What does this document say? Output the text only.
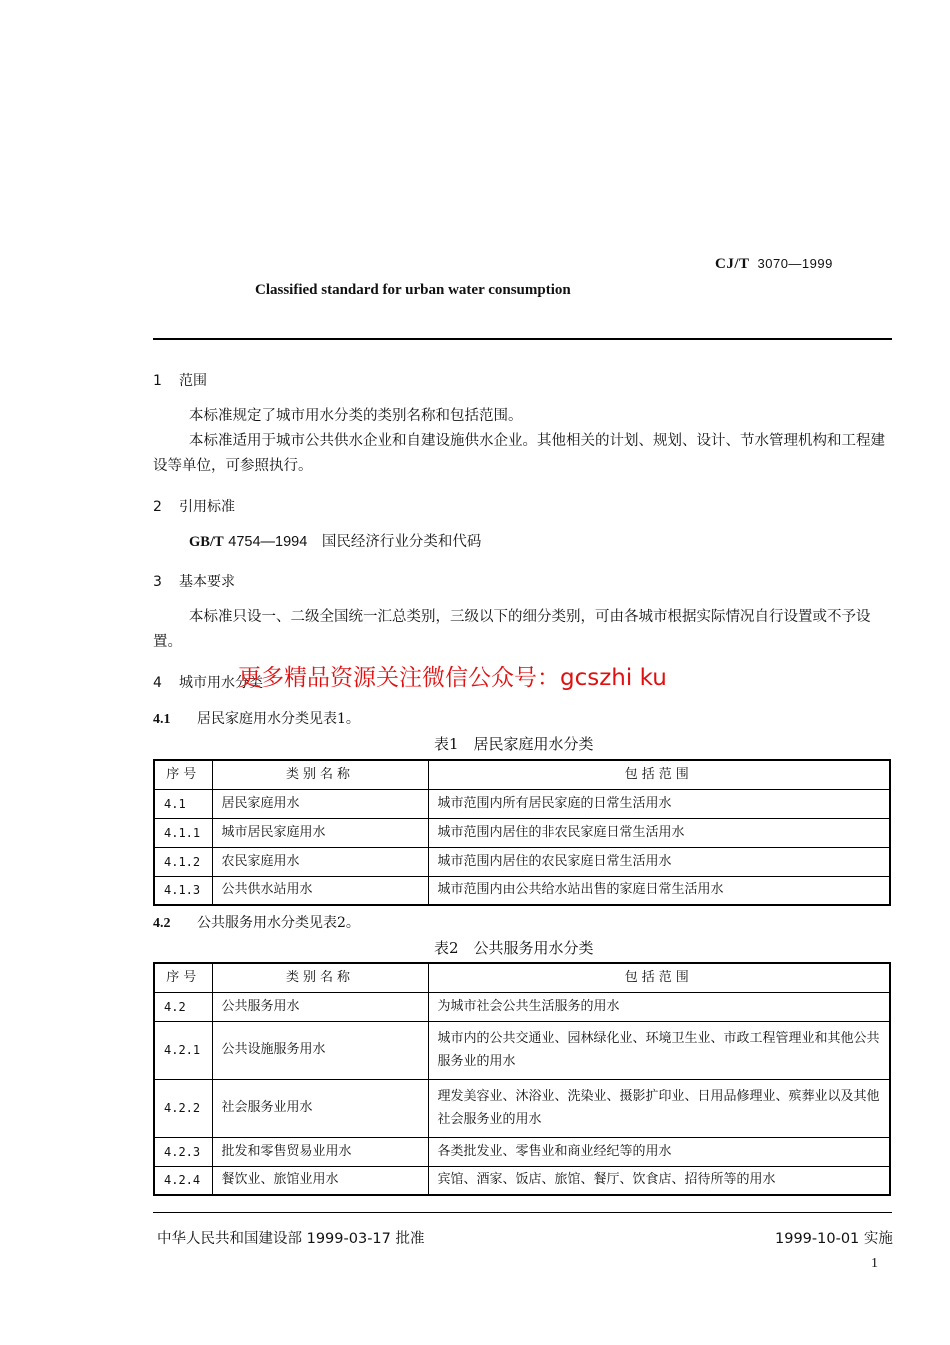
CJ/T 3070—1999
Classified standard for urban water consumption
1 范围
本标准规定了城市用水分类的类别名称和包括范围。
本标准适用于城市公共供水企业和自建设施供水企业。其他相关的计划、规划、设计、节水管理机构和工程建设等单位，可参照执行。
2 引用标准
GB/T 4754—1994 国民经济行业分类和代码
3 基本要求
本标准只设一、二级全国统一汇总类别，三级以下的细分类别，可由各城市根据实际情况自行设置或不予设置。
4 城市用水分类
更多精品资源关注微信公众号：gcszhi ku
4.1 居民家庭用水分类见表1。
表1　居民家庭用水分类
序号	类别名称	包括范围
4.1	居民家庭用水	城市范围内所有居民家庭的日常生活用水
4.1.1	城市居民家庭用水	城市范围内居住的非农民家庭日常生活用水
4.1.2	农民家庭用水	城市范围内居住的农民家庭日常生活用水
4.1.3	公共供水站用水	城市范围内由公共给水站出售的家庭日常生活用水
4.2 公共服务用水分类见表2。
表2　公共服务用水分类
序号	类别名称	包括范围
4.2	公共服务用水	为城市社会公共生活服务的用水
4.2.1	公共设施服务用水	城市内的公共交通业、园林绿化业、环境卫生业、市政工程管理业和其他公共服务业的用水
4.2.2	社会服务业用水	理发美容业、沐浴业、洗染业、摄影扩印业、日用品修理业、殡葬业以及其他社会服务业的用水
4.2.3	批发和零售贸易业用水	各类批发业、零售业和商业经纪等的用水
4.2.4	餐饮业、旅馆业用水	宾馆、酒家、饭店、旅馆、餐厅、饮食店、招待所等的用水
中华人民共和国建设部 1999-03-17 批准	1999-10-01 实施
1
